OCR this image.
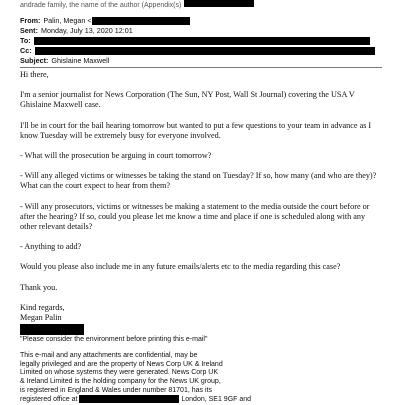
andrade family, the name of the author (Appendix(s)
From: Palin, Megan <
Sent: Monday, July 13, 2020 12:01
To:
Cc:
Subject: Ghislaine Maxwell

Hi there,

I'm a senior journalist for News Corporation (The Sun, NY Post, Wall St Journal) covering the USA V Ghislaine Maxwell case.

I'll be in court for the bail hearing tomorrow but wanted to put a few questions to your team in advance as I know Tuesday will be extremely busy for everyone involved.

- What will the prosecution be arguing in court tomorrow?

- Will any alleged victims or witnesses be taking the stand on Tuesday? If so, how many (and who are they)? What can the court expect to hear from them?

- Will any prosecutors, victims or witnesses be making a statement to the media outside the court before or after the hearing? If so, could you please let me know a time and place if one is scheduled along with any other relevant details?

- Anything to add?

Would you please also include me in any future emails/alerts etc to the media regarding this case?

Thank you.

Kind regards,

Megan Palin

--

"Please consider the environment before printing this e-mail"

This e-mail and any attachments are confidential, may be

legally privileged and are the property of News Corp UK & Ireland

Limited on whose systems they were generated. News Corp UK

& Ireland Limited is the holding company for the News UK group,

is registered in England & Wales under number 81701, has its

registered office at	London, SE1 9GF and
